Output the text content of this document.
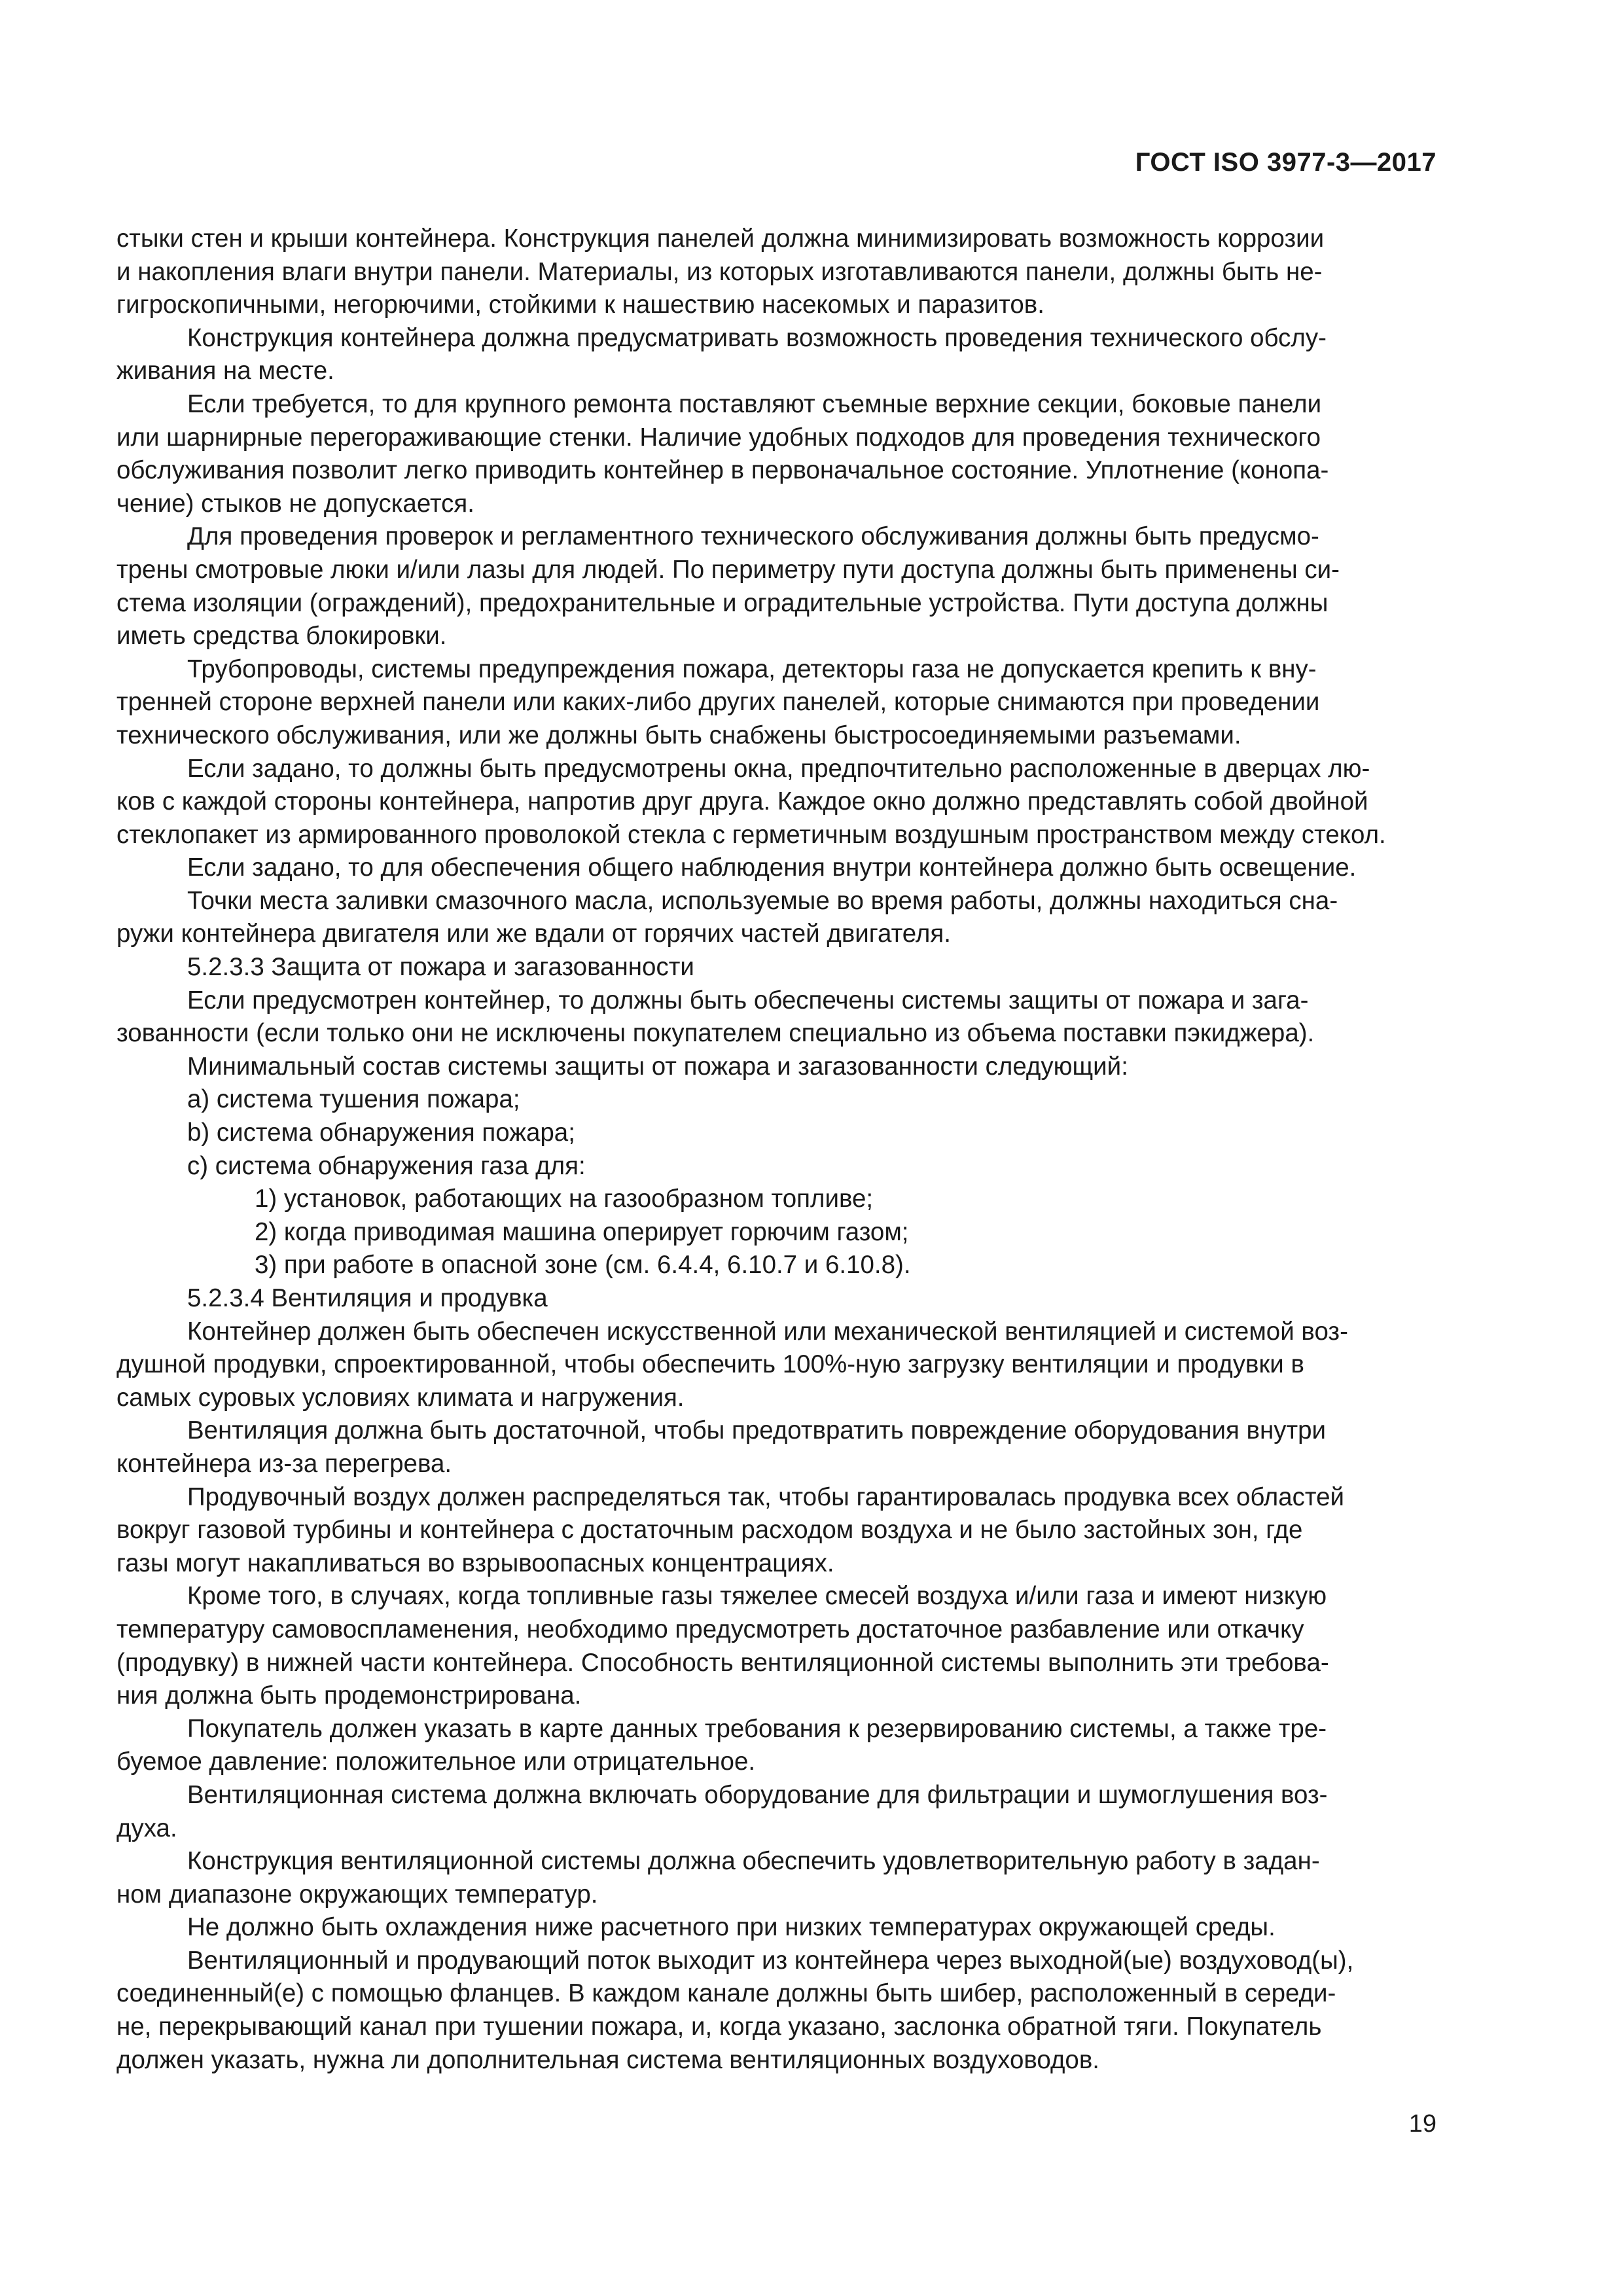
ГОСТ ISO 3977-3—2017

стыки стен и крыши контейнера. Конструкция панелей должна минимизировать возможность коррозии
и накопления влаги внутри панели. Материалы, из которых изготавливаются панели, должны быть не-
гигроскопичными, негорючими, стойкими к нашествию насекомых и паразитов.

Конструкция контейнера должна предусматривать возможность проведения технического обслу-
живания на месте.

Если требуется, то для крупного ремонта поставляют съемные верхние секции, боковые панели
или шарнирные перегораживающие стенки. Наличие удобных подходов для проведения технического
обслуживания позволит легко приводить контейнер в первоначальное состояние. Уплотнение (конопа-
чение) стыков не допускается.

Для проведения проверок и регламентного технического обслуживания должны быть предусмо-
трены смотровые люки и/или лазы для людей. По периметру пути доступа должны быть применены си-
стема изоляции (ограждений), предохранительные и оградительные устройства. Пути доступа должны
иметь средства блокировки.

Трубопроводы, системы предупреждения пожара, детекторы газа не допускается крепить к вну-
тренней стороне верхней панели или каких-либо других панелей, которые снимаются при проведении
технического обслуживания, или же должны быть снабжены быстросоединяемыми разъемами.

Если задано, то должны быть предусмотрены окна, предпочтительно расположенные в дверцах лю-
ков с каждой стороны контейнера, напротив друг друга. Каждое окно должно представлять собой двойной
стеклопакет из армированного проволокой стекла с герметичным воздушным пространством между стекол.

Если задано, то для обеспечения общего наблюдения внутри контейнера должно быть освещение.

Точки места заливки смазочного масла, используемые во время работы, должны находиться сна-
ружи контейнера двигателя или же вдали от горячих частей двигателя.

5.2.3.3 Защита от пожара и загазованности

Если предусмотрен контейнер, то должны быть обеспечены системы защиты от пожара и зага-
зованности (если только они не исключены покупателем специально из объема поставки пэкиджера).

Минимальный состав системы защиты от пожара и загазованности следующий:

а) система тушения пожара;

b) система обнаружения пожара;

с) система обнаружения газа для:

1) установок, работающих на газообразном топливе;

2) когда приводимая машина оперирует горючим газом;

3) при работе в опасной зоне (см. 6.4.4, 6.10.7 и 6.10.8).

5.2.3.4 Вентиляция и продувка

Контейнер должен быть обеспечен искусственной или механической вентиляцией и системой воз-
душной продувки, спроектированной, чтобы обеспечить 100%-ную загрузку вентиляции и продувки в
самых суровых условиях климата и нагружения.

Вентиляция должна быть достаточной, чтобы предотвратить повреждение оборудования внутри
контейнера из-за перегрева.

Продувочный воздух должен распределяться так, чтобы гарантировалась продувка всех областей
вокруг газовой турбины и контейнера с достаточным расходом воздуха и не было застойных зон, где
газы могут накапливаться во взрывоопасных концентрациях.

Кроме того, в случаях, когда топливные газы тяжелее смесей воздуха и/или газа и имеют низкую
температуру самовоспламенения, необходимо предусмотреть достаточное разбавление или откачку
(продувку) в нижней части контейнера. Способность вентиляционной системы выполнить эти требова-
ния должна быть продемонстрирована.

Покупатель должен указать в карте данных требования к резервированию системы, а также тре-
буемое давление: положительное или отрицательное.

Вентиляционная система должна включать оборудование для фильтрации и шумоглушения воз-
духа.

Конструкция вентиляционной системы должна обеспечить удовлетворительную работу в задан-
ном диапазоне окружающих температур.

Не должно быть охлаждения ниже расчетного при низких температурах окружающей среды.

Вентиляционный и продувающий поток выходит из контейнера через выходной(ые) воздуховод(ы),
соединенный(е) с помощью фланцев. В каждом канале должны быть шибер, расположенный в середи-
не, перекрывающий канал при тушении пожара, и, когда указано, заслонка обратной тяги. Покупатель
должен указать, нужна ли дополнительная система вентиляционных воздуховодов.

19
